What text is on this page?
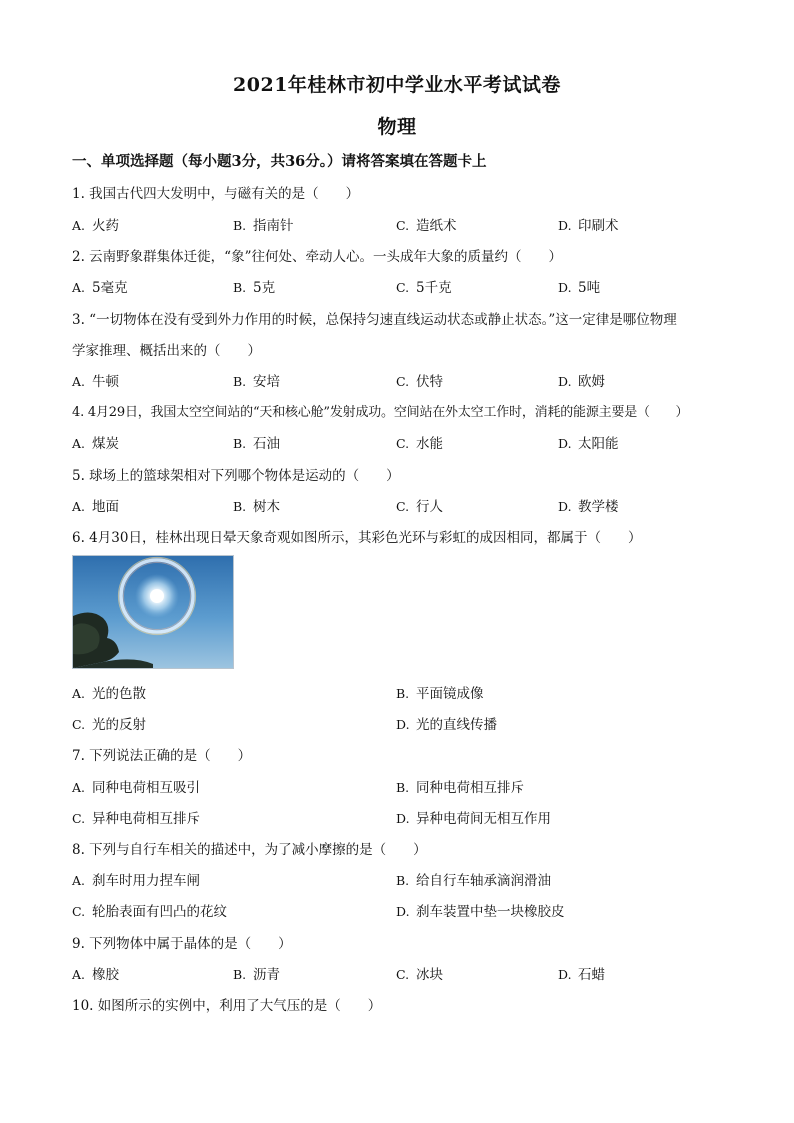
2021年桂林市初中学业水平考试试卷
物理
一、单项选择题（每小题3分，共36分。）请将答案填在答题卡上
1. 我国古代四大发明中，与磁有关的是（　　）
A. 火药	B. 指南针	C. 造纸术	D. 印刷术
2. 云南野象群集体迁徙，“象”往何处、牵动人心。一头成年大象的质量约（　　）
A. 5毫克	B. 5克	C. 5千克	D. 5吨
3. “一切物体在没有受到外力作用的时候，总保持匀速直线运动状态或静止状态。”这一定律是哪位物理
学家推理、概括出来的（　　）
A. 牛顿	B. 安培	C. 伏特	D. 欧姆
4. 4月29日，我国太空空间站的“天和核心舱”发射成功。空间站在外太空工作时，消耗的能源主要是（　　）
A. 煤炭	B. 石油	C. 水能	D. 太阳能
5. 球场上的篮球架相对下列哪个物体是运动的（　　）
A. 地面	B. 树木	C. 行人	D. 教学楼
6. 4月30日，桂林出现日晕天象奇观如图所示，其彩色光环与彩虹的成因相同，都属于（　　）
A. 光的色散	B. 平面镜成像
C. 光的反射	D. 光的直线传播
7. 下列说法正确的是（　　）
A. 同种电荷相互吸引	B. 同种电荷相互排斥
C. 异种电荷相互排斥	D. 异种电荷间无相互作用
8. 下列与自行车相关的描述中，为了减小摩擦的是（　　）
A. 刹车时用力捏车闸	B. 给自行车轴承滴润滑油
C. 轮胎表面有凹凸的花纹	D. 刹车装置中垫一块橡胶皮
9. 下列物体中属于晶体的是（　　）
A. 橡胶	B. 沥青	C. 冰块	D. 石蜡
10. 如图所示的实例中，利用了大气压的是（　　）
